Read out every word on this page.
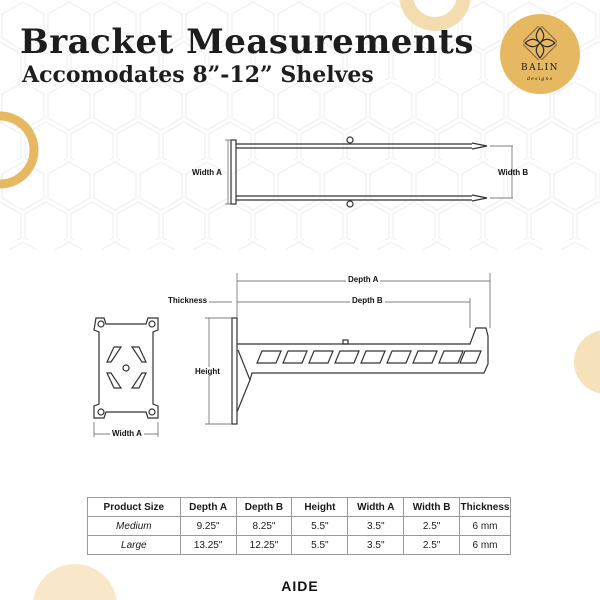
Bracket Measurements
Accomodates 8”-12” Shelves	BALIN
designs
Width A	Width B
Depth A
Depth B
Thickness
Height
Width A
Product Size	Depth A	Depth B	Height	Width A	Width B	Thickness
Medium	9.25"	8.25"	5.5"	3.5"	2.5"	6 mm
Large	13.25"	12.25"	5.5"	3.5"	2.5"	6 mm
AIDE
